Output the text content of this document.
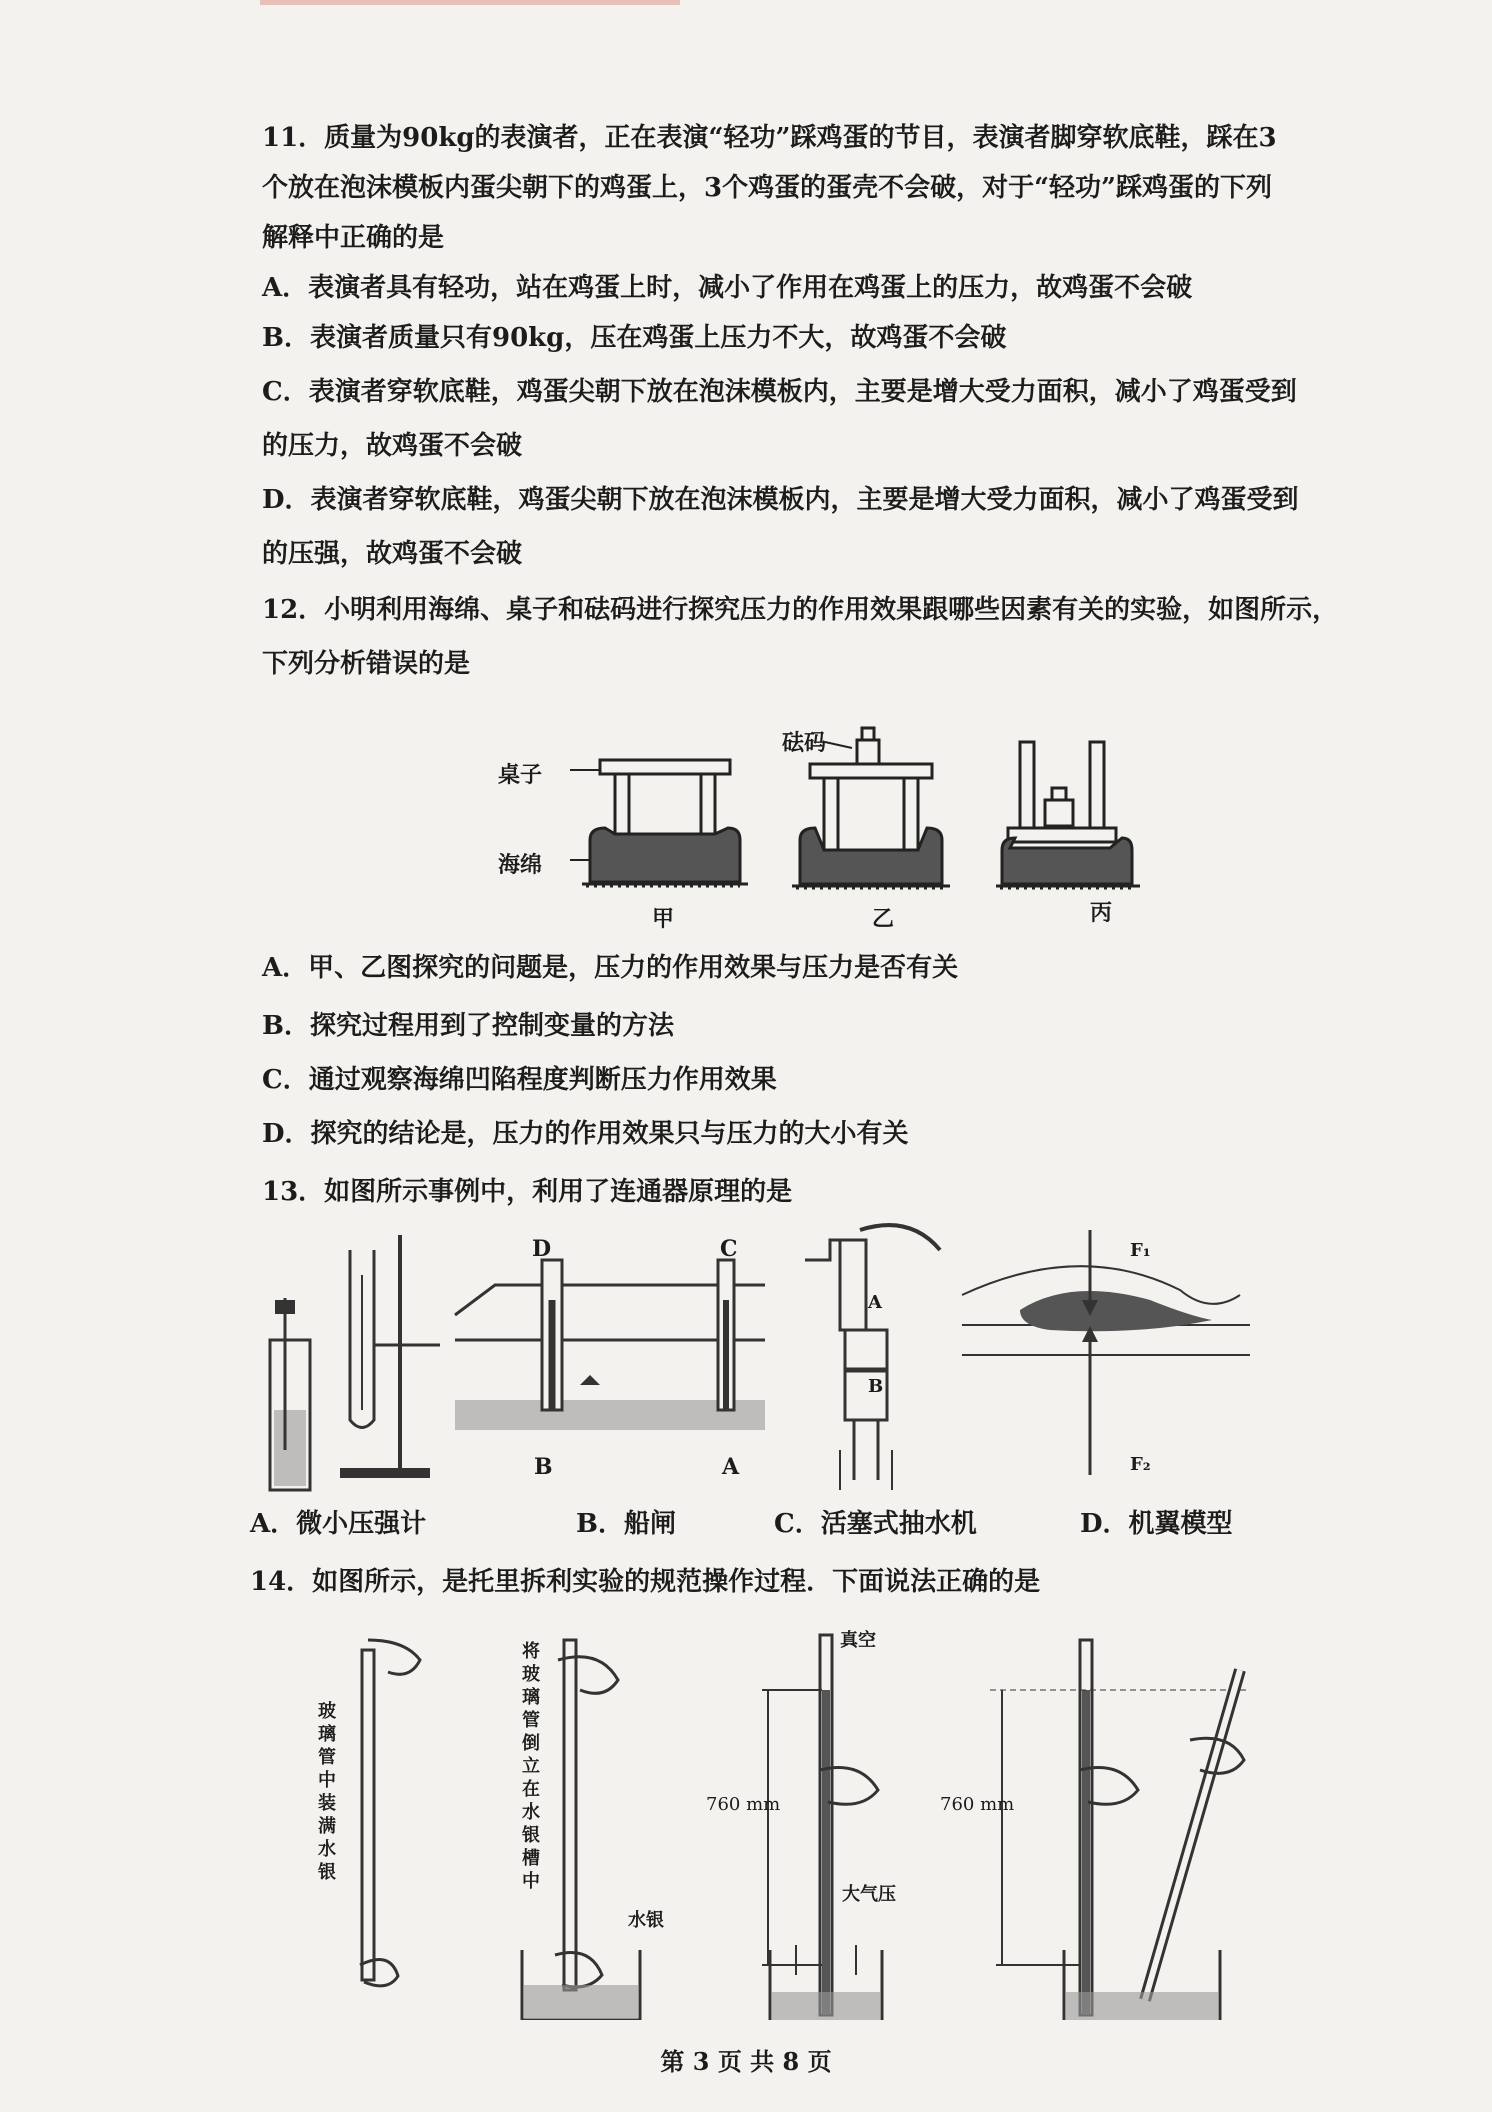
11．质量为90kg的表演者，正在表演“轻功”踩鸡蛋的节目，表演者脚穿软底鞋，踩在3
个放在泡沫模板内蛋尖朝下的鸡蛋上，3个鸡蛋的蛋壳不会破，对于“轻功”踩鸡蛋的下列
解释中正确的是
A．表演者具有轻功，站在鸡蛋上时，减小了作用在鸡蛋上的压力，故鸡蛋不会破
B．表演者质量只有90kg，压在鸡蛋上压力不大，故鸡蛋不会破
C．表演者穿软底鞋，鸡蛋尖朝下放在泡沫模板内，主要是增大受力面积，减小了鸡蛋受到
的压力，故鸡蛋不会破
D．表演者穿软底鞋，鸡蛋尖朝下放在泡沫模板内，主要是增大受力面积，减小了鸡蛋受到
的压强，故鸡蛋不会破
12．小明利用海绵、桌子和砝码进行探究压力的作用效果跟哪些因素有关的实验，如图所示，
下列分析错误的是
桌子
海绵
砝码
甲	乙	丙
A．甲、乙图探究的问题是，压力的作用效果与压力是否有关
B．探究过程用到了控制变量的方法
C．通过观察海绵凹陷程度判断压力作用效果
D．探究的结论是，压力的作用效果只与压力的大小有关
13．如图所示事例中，利用了连通器原理的是
D	C
B	A
A
B
F₁
F₂
A．微小压强计	B．船闸	C．活塞式抽水机	D．机翼模型
14．如图所示，是托里拆利实验的规范操作过程．下面说法正确的是
玻璃管中装满水银
将玻璃管倒立在水银槽中
水银
真空
760 mm	760 mm
大气压
第 3 页 共 8 页
